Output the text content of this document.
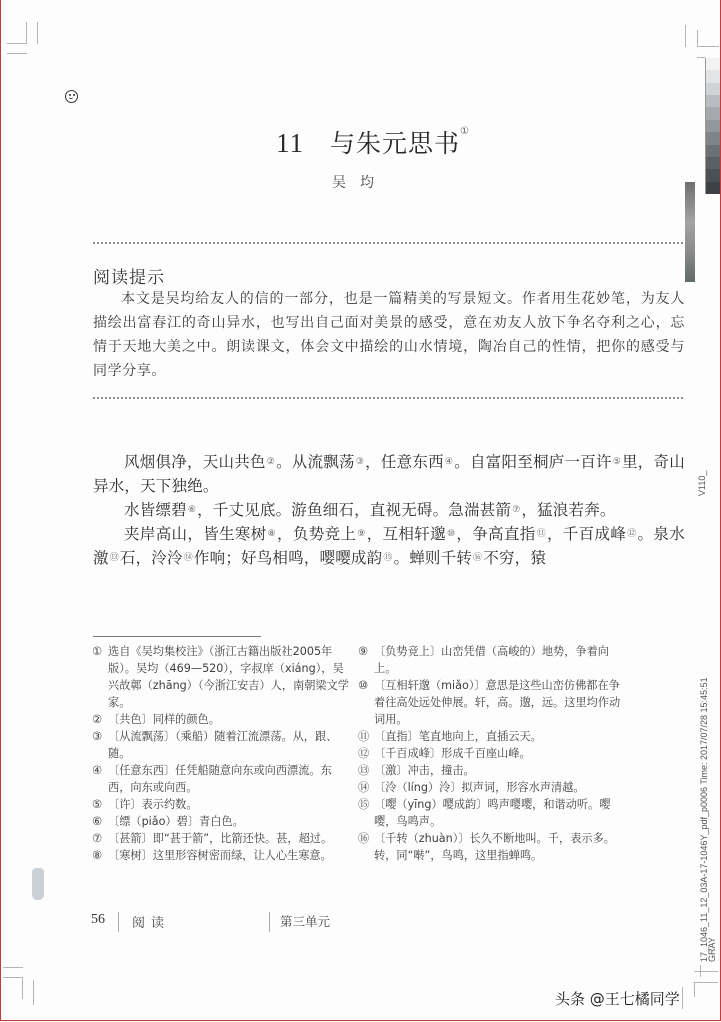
11 与朱元思书①
吴均
阅读提示
本文是吴均给友人的信的一部分，也是一篇精美的写景短文。作者用生花妙笔，为友人描绘出富春江的奇山异水，也写出自己面对美景的感受，意在劝友人放下争名夺利之心，忘情于天地大美之中。朗读课文，体会文中描绘的山水情境，陶冶自己的性情，把你的感受与同学分享。

风烟俱净，天山共色②。从流飘荡③，任意东西④。自富阳至桐庐一百许⑤里，奇山异水，天下独绝。

水皆缥碧⑥，千丈见底。游鱼细石，直视无碍。急湍甚箭⑦，猛浪若奔。

夹岸高山，皆生寒树⑧，负势竞上⑨，互相轩邈⑩，争高直指⑪，千百成峰⑫。泉水激⑬石，泠泠⑭作响；好鸟相鸣，嘤嘤成韵⑮。蝉则千转⑯不穷，猿

① 选自《吴均集校注》（浙江古籍出版社2005年版）。吴均（469—520），字叔庠（xiáng），吴兴故鄣（zhāng）（今浙江安吉）人，南朝梁文学家。
② 〔共色〕同样的颜色。
③ 〔从流飘荡〕（乘船）随着江流漂荡。从，跟、随。
④ 〔任意东西〕任凭船随意向东或向西漂流。东西，向东或向西。
⑤ 〔许〕表示约数。
⑥ 〔缥（piǎo）碧〕青白色。
⑦ 〔甚箭〕即“甚于箭”，比箭还快。甚，超过。
⑧ 〔寒树〕这里形容树密而绿，让人心生寒意。
⑨ 〔负势竞上〕山峦凭借（高峻的）地势，争着向上。
⑩ 〔互相轩邈（miǎo）〕意思是这些山峦仿佛都在争着往高处远处伸展。轩，高。邈，远。这里均作动词用。
⑪ 〔直指〕笔直地向上，直插云天。
⑫ 〔千百成峰〕形成千百座山峰。
⑬ 〔激〕冲击，撞击。
⑭ 〔泠（líng）泠〕拟声词，形容水声清越。
⑮ 〔嘤（yīng）嘤成韵〕鸣声嘤嘤，和谐动听。嘤嘤，鸟鸣声。
⑯ 〔千转（zhuàn）〕长久不断地叫。千，表示多。转，同“啭”，鸟鸣，这里指蝉鸣。
56 阅读	第三单元
V110_
17_1046_11_12_03A-17-1046Y_pdf_p0006 Time: 2017/07/28 15:45:51
GRAY
头条 @王七橘同学
